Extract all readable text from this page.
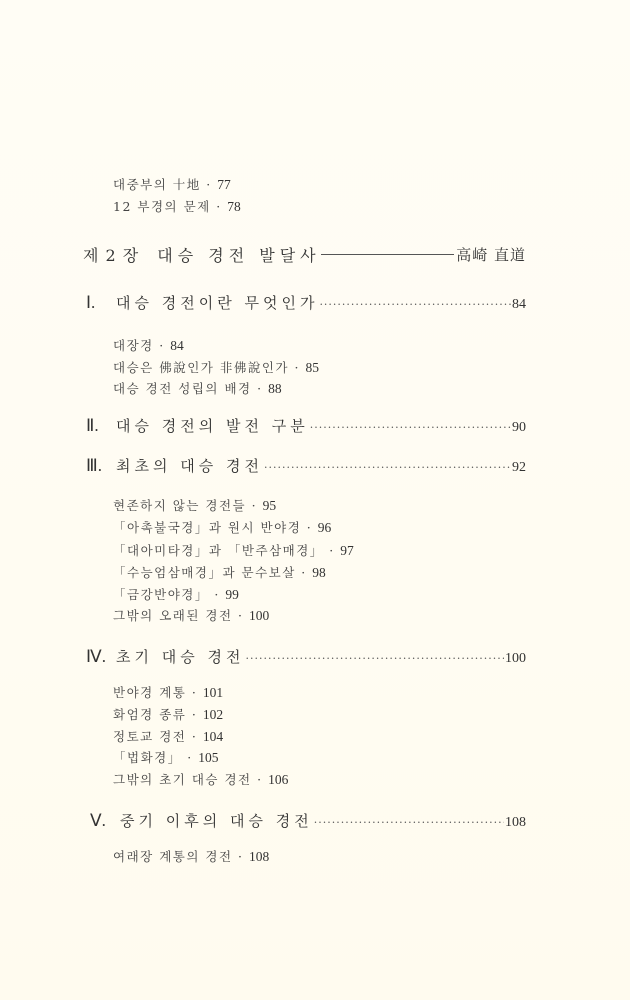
대중부의 十地 · 77
12 부경의 문제 · 78
제 2 장 대승 경전 발달사	高崎 直道
Ⅰ.	대승 경전이란 무엇인가 ·····	84
대장경 · 84
대승은 佛說인가 非佛說인가 · 85
대승 경전 성립의 배경 · 88
Ⅱ.	대승 경전의 발전 구분 ·····	90
Ⅲ. 최초의 대승 경전 ·····	92
현존하지 않는 경전들 · 95
「아촉불국경」과 원시 반야경 · 96
「대아미타경」과 「반주삼매경」 · 97
「수능엄삼매경」과 문수보살 · 98
「금강반야경」 · 99
그밖의 오래된 경전 · 100
Ⅳ. 초기 대승 경전 ·····	100
반야경 계통 · 101
화엄경 종류 · 102
정토교 경전 · 104
「법화경」 · 105
그밖의 초기 대승 경전 · 106
Ⅴ. 중기 이후의 대승 경전 ·····	108
여래장 계통의 경전 · 108
